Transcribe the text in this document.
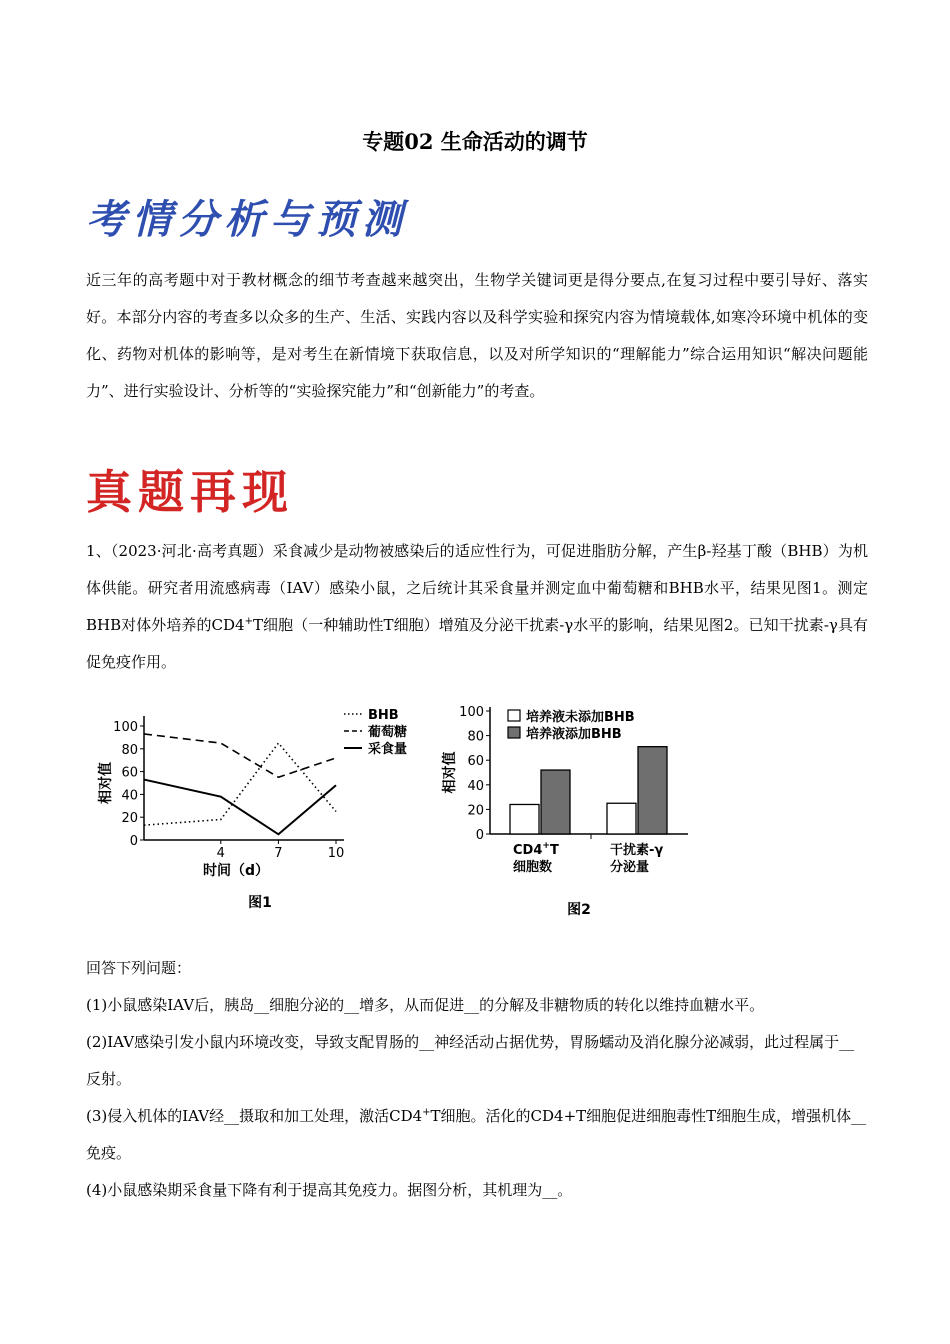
专题02 生命活动的调节
考情分析与预测
近三年的高考题中对于教材概念的细节考查越来越突出，生物学关键词更是得分要点,在复习过程中要引导好、落实好。本部分内容的考查多以众多的生产、生活、实践内容以及科学实验和探究内容为情境载体,如寒冷环境中机体的变化、药物对机体的影响等，是对考生在新情境下获取信息，以及对所学知识的“理解能力”综合运用知识“解决问题能力”、进行实验设计、分析等的“实验探究能力”和“创新能力”的考查。
真题再现
1、（2023·河北·高考真题）采食减少是动物被感染后的适应性行为，可促进脂肪分解，产生β-羟基丁酸（BHB）为机体供能。研究者用流感病毒（IAV）感染小鼠，之后统计其采食量并测定血中葡萄糖和BHB水平，结果见图1。测定BHB对体外培养的CD4+T细胞（一种辅助性T细胞）增殖及分泌干扰素-γ水平的影响，结果见图2。已知干扰素-γ具有促免疫作用。
0
20
40
60
80
100
4	7	10
时间（d）
相对值
BHB
葡萄糖
采食量
图1
0
20
40
60
80
100
相对值
CD4+T
细胞数
干扰素-γ
分泌量
培养液未添加BHB
培养液添加BHB
图2

回答下列问题：

(1)小鼠感染IAV后，胰岛__细胞分泌的__增多，从而促进__的分解及非糖物质的转化以维持血糖水平。

(2)IAV感染引发小鼠内环境改变，导致支配胃肠的__神经活动占据优势，胃肠蠕动及消化腺分泌减弱，此过程属于__反射。

(3)侵入机体的IAV经__摄取和加工处理，激活CD4+T细胞。活化的CD4+T细胞促进细胞毒性T细胞生成，增强机体__免疫。

(4)小鼠感染期采食量下降有利于提高其免疫力。据图分析，其机理为__。
